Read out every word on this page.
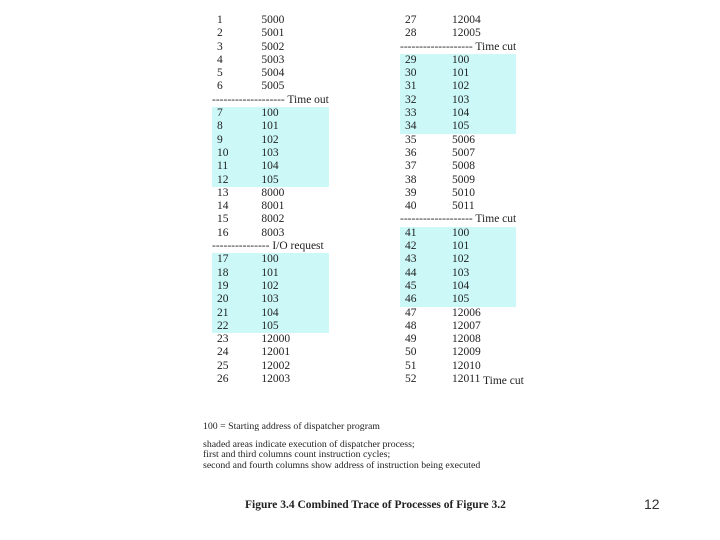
1	5000
2	5001
3	5002
4	5003
5	5004
6	5005
------------------- Time out	
7	100
8	101
9	102
10	103
11	104
12	105
13	8000
14	8001
15	8002
16	8003
--------------- I/O request	
17	100
18	101
19	102
20	103
21	104
22	105
23	12000
24	12001
25	12002
26	12003
27	12004
28	12005
------------------- Time cut	
29	100
30	101
31	102
32	103
33	104
34	105
35	5006
36	5007
37	5008
38	5009
39	5010
40	5011
------------------- Time cut	
41	100
42	101
43	102
44	103
45	104
46	105
47	12006
48	12007
49	12008
50	12009
51	12010
52	12011 Time cut
100 = Starting address of dispatcher program
shaded areas indicate execution of dispatcher process;
first and third columns count instruction cycles;
second and fourth columns show address of instruction being executed
Figure 3.4 Combined Trace of Processes of Figure 3.2	12
